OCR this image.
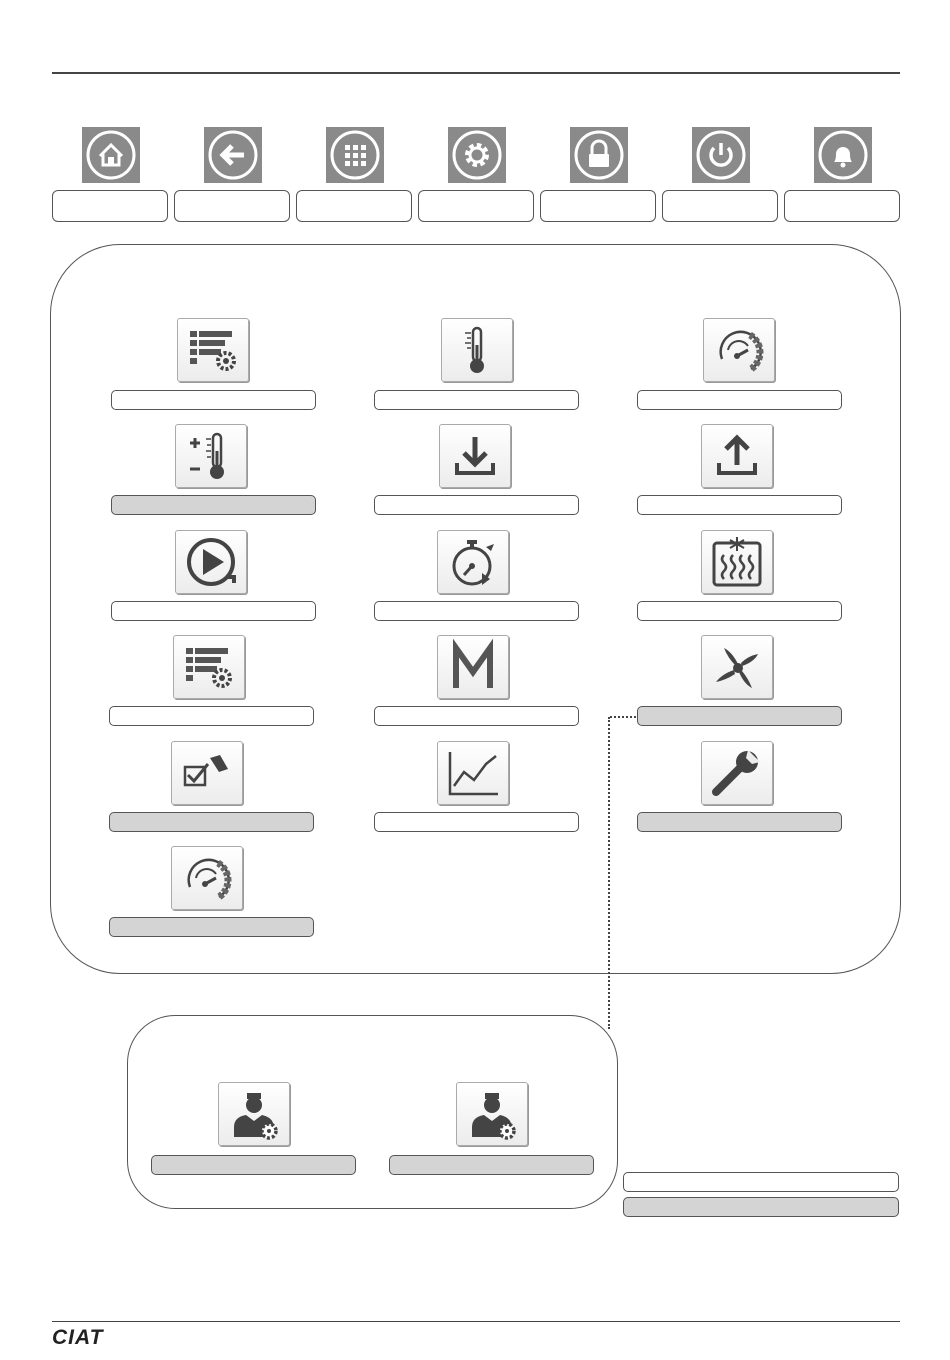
CIAT
